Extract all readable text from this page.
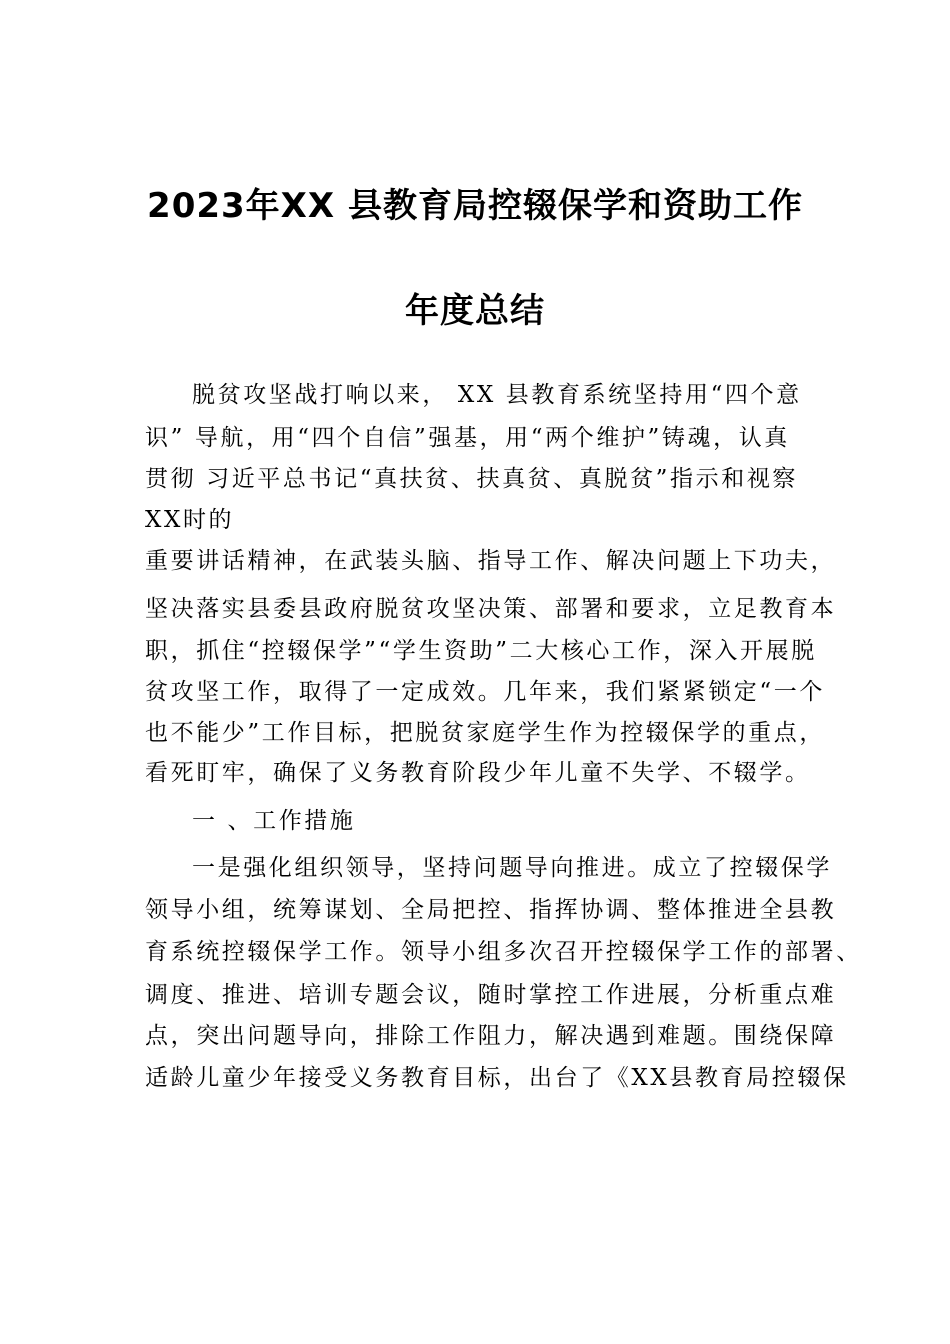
2023年XX 县教育局控辍保学和资助工作
年度总结
脱贫攻坚战打响以来， XX 县教育系统坚持用“四个意
识” 导航，用“四个自信”强基，用“两个维护”铸魂，认真
贯彻 习近平总书记“真扶贫、扶真贫、真脱贫”指示和视察
XX时的
重要讲话精神，在武装头脑、指导工作、解决问题上下功夫，
坚决落实县委县政府脱贫攻坚决策、部署和要求，立足教育本
职，抓住“控辍保学”“学生资助”二大核心工作，深入开展脱
贫攻坚工作，取得了一定成效。几年来，我们紧紧锁定“一个
也不能少”工作目标，把脱贫家庭学生作为控辍保学的重点，
看死盯牢，确保了义务教育阶段少年儿童不失学、不辍学。
一 、工作措施
一是强化组织领导，坚持问题导向推进。成立了控辍保学
领导小组，统筹谋划、全局把控、指挥协调、整体推进全县教
育系统控辍保学工作。领导小组多次召开控辍保学工作的部署、
调度、推进、培训专题会议，随时掌控工作进展，分析重点难
点，突出问题导向，排除工作阻力，解决遇到难题。围绕保障
适龄儿童少年接受义务教育目标，出台了《XX县教育局控辍保
